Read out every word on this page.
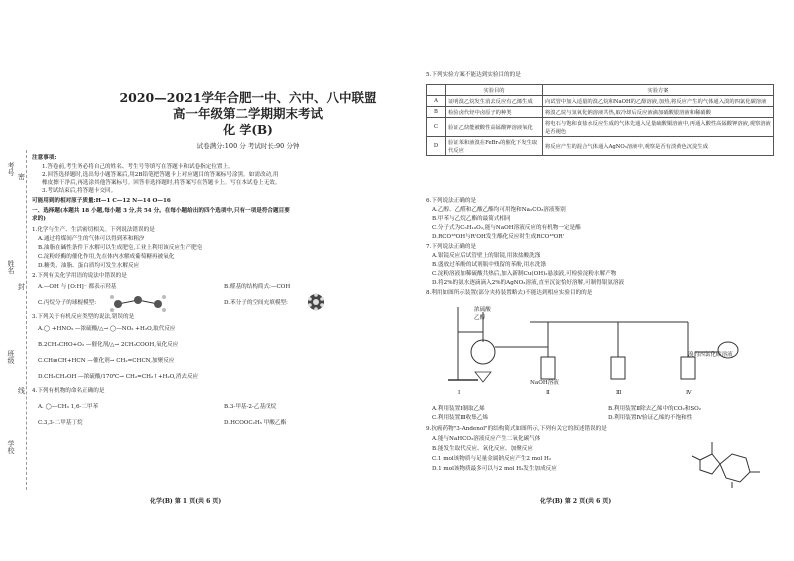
考号
姓名
班级
学校
密
封
线
2020—2021学年合肥一中、六中、八中联盟
高一年级第二学期期末考试
化 学(B)
试卷满分:100 分 考试时长:90 分钟
注意事项:
1.答卷前,考生务必将自己的姓名、考生号等填写在答题卡和试卷指定位置上。
2.回答选择题时,选出每小题答案后,用2B铅笔把答题卡上对应题目的答案标号涂黑。如需改动,用
橡皮擦干净后,再选涂其他答案标号。回答非选择题时,将答案写在答题卡上。写在本试卷上无效。
3.考试结束后,将答题卡交回。
可能用到的相对原子质量:H—1 C—12 N—14 O—16
一、选择题(本题共 18 小题,每小题 3 分,共 54 分。在每小题给出的四个选项中,只有一项是符合题目要
求的)
1.化学与生产、生活密切相关。下列说法错误的是
A.通过将煤间产生的气体可以得到苯和粗汐
B.油脂在碱性条件下水解可以生成肥皂,工业上利用该反应生产肥皂
C.淀粉经酶的催化作用,先在体内水解成葡萄糖再被氧化
D.糖类、油脂、蛋白质均可发生水解反应
2.下列有关化学用语的说法中错误的是
A.—OH 与 [O:H]⁻ 都表示羟基	B.醛基的结构简式:—COH
C.丙烷分子的球棍模型:	D.苯分子的空间充填模型:
3.下列关于有机反应类型的说法,错误的是
A.◯ +HNO₃ —浓硫酸/△→ ◯—NO₂ +H₂O,取代反应
B.2CH₃CHO+O₂ —催化剂/△→ 2CH₃COOH,氧化反应
C.CH≡CH+HCN —催化剂→ CH₂=CHCN,加聚反应
D.CH₃CH₂OH —浓硫酸/170℃→ CH₂=CH₂↑+H₂O,消去反应
4.下列有机物的命名正确的是
A. ◯—CH₃ 1,6-二甲苯	B.3-甲基-2-乙基戊烷
C.3,3-二甲基丁烷	D.HCOOC₂H₅ 甲酸乙酯
5.下列实验方案不能达到实验目的的是
	实验目的	实验方案
A	证明溴乙烷发生消去反应有乙烯生成	向试管中加入适量的溴乙烷和NaOH的乙醇溶液,加热,将反应产生的气体通入溴的四氯化碳溶液
B	检验卤代烃中卤原子的种类	将溴乙烷与氢氧化钠溶液共热,取冷却后反应液滴加硝酸银溶液和稀硝酸
C	验证乙炔能被酸性高锰酸钾溶液氧化	将电石与饱和食盐水反应生成的气体先通入足量硫酸铜溶液中,再通入酸性高锰酸钾溶液,观察溶液是否褪色
D	验证苯和液溴在FeBr₃的催化下发生取代反应	将反应产生的混合气体通入AgNO₃溶液中,观察是否有淡黄色沉淀生成
6.下列说法正确的是
A.乙醇、乙醛和乙酸乙酯均可用饱和Na₂CO₃溶液鉴别
B.甲苯与乙烷乙酯的最简式相同
C.分子式为C₅H₁₀O₂,能与NaOH溶液反应的有机物一定是酯
D.RCO¹⁸OH与R'OH发生酯化反应时生成RCO¹⁸OR'
7.下列说法正确的是
A.银镜反应后试管壁上的银镜,用浓盐酸洗涤
B.盛放过苯酚的试剂瓶中残留的苯酚,用水洗涤
C.淀粉溶液加稀硫酸共热后,加入新制Cu(OH)₂悬浊液,可检验淀粉水解产物
D.将2%的氨水逐滴滴入2%的AgNO₃溶液,直至沉淀恰好溶解,可制得银氨溶液
8.利用如图所示装置(部分夹持装置略去)不能达到相应实验目的的是
浓硫酸
乙醇
NaOH溶液
溴的四氯化碳溶液
Ⅰ	Ⅱ	Ⅲ	Ⅳ
A.利用装置Ⅰ制取乙烯	B.利用装置Ⅱ除去乙烯中的CO₂和SO₂
C.利用装置Ⅲ收集乙烯	D.利用装置Ⅳ验证乙烯的不饱和性
9.抗癌药物"3-Andenol"的结构简式如图所示,下列有关它的叙述错误的是
A.能与NaHCO₃溶液反应产生二氧化碳气体
B.能发生取代反应、氧化反应、加聚反应
C.1 mol该物质与足量金属钠反应产生2 mol H₂
D.1 mol该物质最多可以与2 mol H₂发生加成反应
化学(B) 第 1 页(共 6 页)	化学(B) 第 2 页(共 6 页)
